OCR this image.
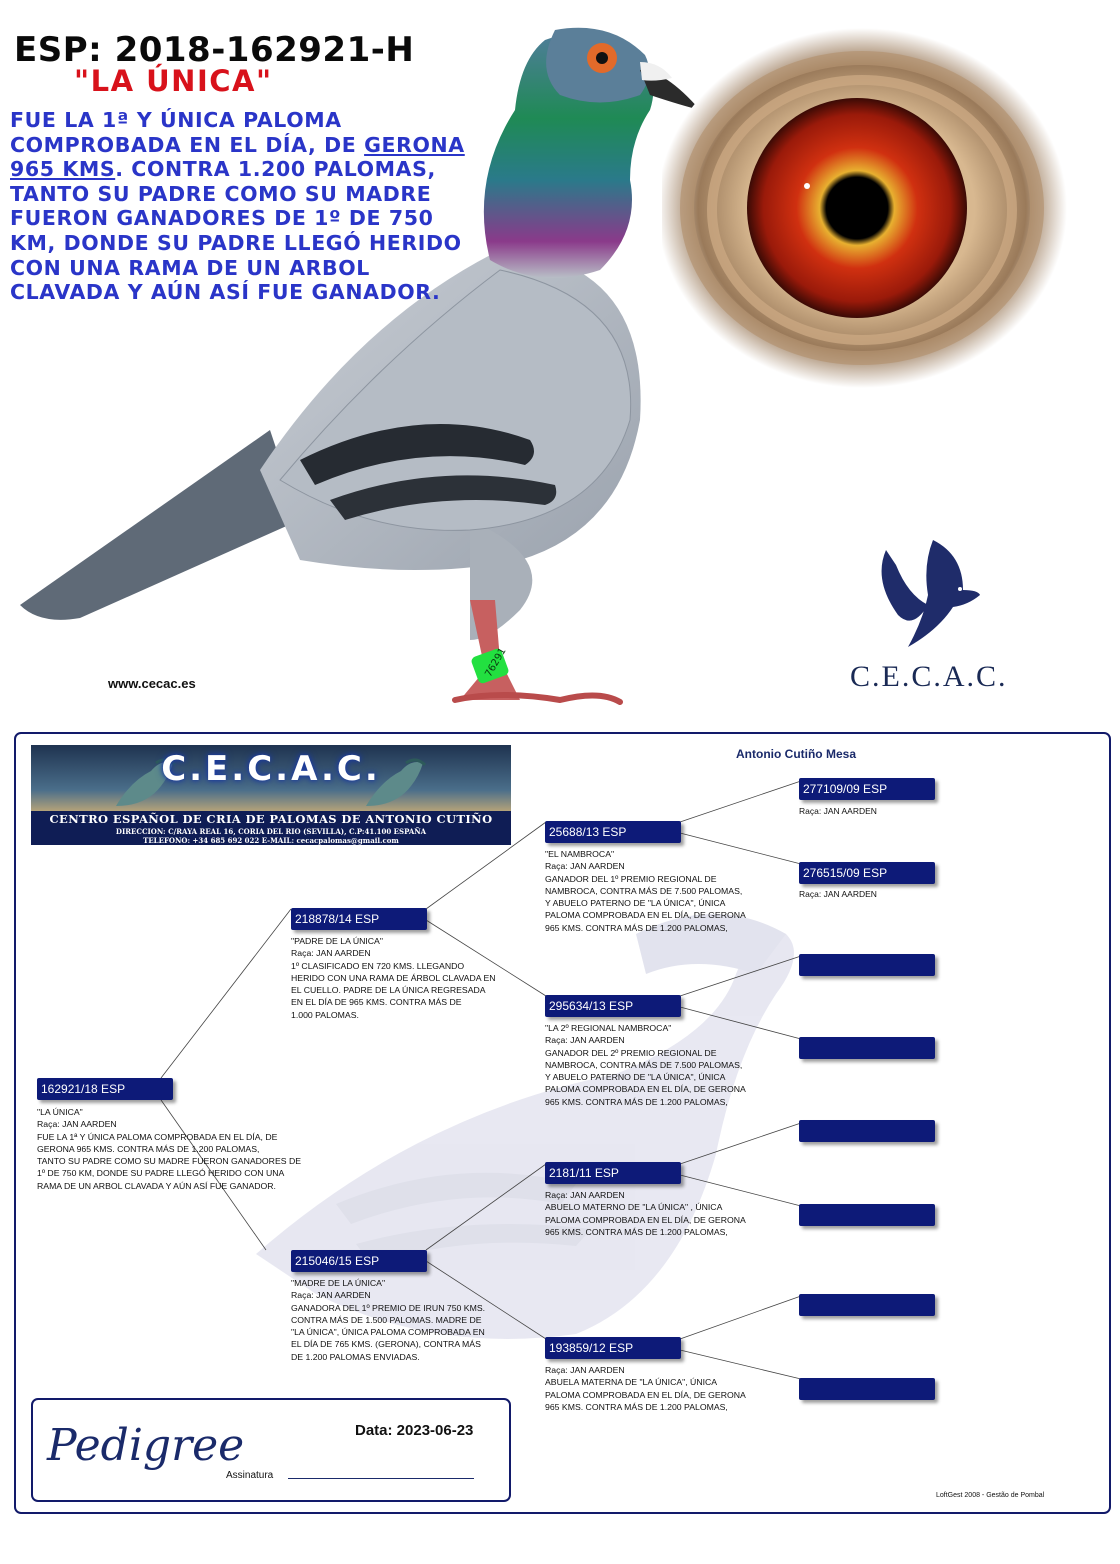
76291
ESP: 2018-162921-H
"LA ÚNICA"
FUE LA 1ª Y ÚNICA PALOMA COMPROBADA EN EL DÍA, DE GERONA 965 KMS. CONTRA 1.200 PALOMAS, TANTO SU PADRE COMO SU MADRE FUERON GANADORES DE 1º DE 750 KM, DONDE SU PADRE LLEGÓ HERIDO CON UNA RAMA DE UN ARBOL CLAVADA Y AÚN ASÍ FUE GANADOR.
www.cecac.es	C.E.C.A.C.
C.E.C.A.C.
CENTRO ESPAÑOL DE CRIA DE PALOMAS DE ANTONIO CUTIÑO
DIRECCION: C/RAYA REAL 16, CORIA DEL RIO (SEVILLA), C.P:41.100 ESPAÑA
TELEFONO: +34 685 692 022 E-MAIL: cecacpalomas@gmail.com
Antonio Cutiño Mesa
162921/18 ESP
"LA ÚNICA"
Raça: JAN AARDEN
FUE LA 1ª Y ÚNICA PALOMA COMPROBADA EN EL DÍA, DE
GERONA 965 KMS. CONTRA MÁS DE 1.200 PALOMAS,
TANTO SU PADRE COMO SU MADRE FUERON GANADORES DE
1º DE 750 KM, DONDE SU PADRE LLEGÓ HERIDO CON UNA
RAMA DE UN ARBOL CLAVADA Y AÚN ASÍ FUE GANADOR.
218878/14 ESP
"PADRE DE LA ÚNICA"
Raça: JAN AARDEN
1º CLASIFICADO EN 720 KMS. LLEGANDO
HERIDO CON UNA RAMA DE ÁRBOL CLAVADA EN
EL CUELLO. PADRE DE LA ÚNICA REGRESADA
EN EL DÍA DE 965 KMS. CONTRA MÁS DE
1.000 PALOMAS.
215046/15 ESP
"MADRE DE LA ÚNICA"
Raça: JAN AARDEN
GANADORA DEL 1º PREMIO DE IRUN 750 KMS.
CONTRA MÁS DE 1.500 PALOMAS. MADRE DE
"LA ÚNICA", ÚNICA PALOMA COMPROBADA EN
EL DÍA DE 765 KMS. (GERONA), CONTRA MÁS
DE 1.200 PALOMAS ENVIADAS.
25688/13 ESP
"EL NAMBROCA"
Raça: JAN AARDEN
GANADOR DEL 1º PREMIO REGIONAL DE
NAMBROCA, CONTRA MÁS DE 7.500 PALOMAS,
Y ABUELO PATERNO DE "LA ÚNICA", ÚNICA
PALOMA COMPROBADA EN EL DÍA, DE GERONA
965 KMS. CONTRA MÁS DE 1.200 PALOMAS,
295634/13 ESP
"LA 2º REGIONAL NAMBROCA"
Raça: JAN AARDEN
GANADOR DEL 2º PREMIO REGIONAL DE
NAMBROCA, CONTRA MÁS DE 7.500 PALOMAS,
Y ABUELO PATERNO DE "LA ÚNICA", ÚNICA
PALOMA COMPROBADA EN EL DÍA, DE GERONA
965 KMS. CONTRA MÁS DE 1.200 PALOMAS,
2181/11 ESP
Raça: JAN AARDEN
ABUELO MATERNO DE "LA ÚNICA" , ÚNICA
PALOMA COMPROBADA EN EL DÍA, DE GERONA
965 KMS. CONTRA MÁS DE 1.200 PALOMAS,
193859/12 ESP
Raça: JAN AARDEN
ABUELA MATERNA DE "LA ÚNICA", ÚNICA
PALOMA COMPROBADA EN EL DÍA, DE GERONA
965 KMS. CONTRA MÁS DE 1.200 PALOMAS,
277109/09 ESP
Raça: JAN AARDEN
276515/09 ESP
Raça: JAN AARDEN
Pedigree	Data: 2023-06-23
Assinatura
LoftGest 2008 - Gestão de Pombal
